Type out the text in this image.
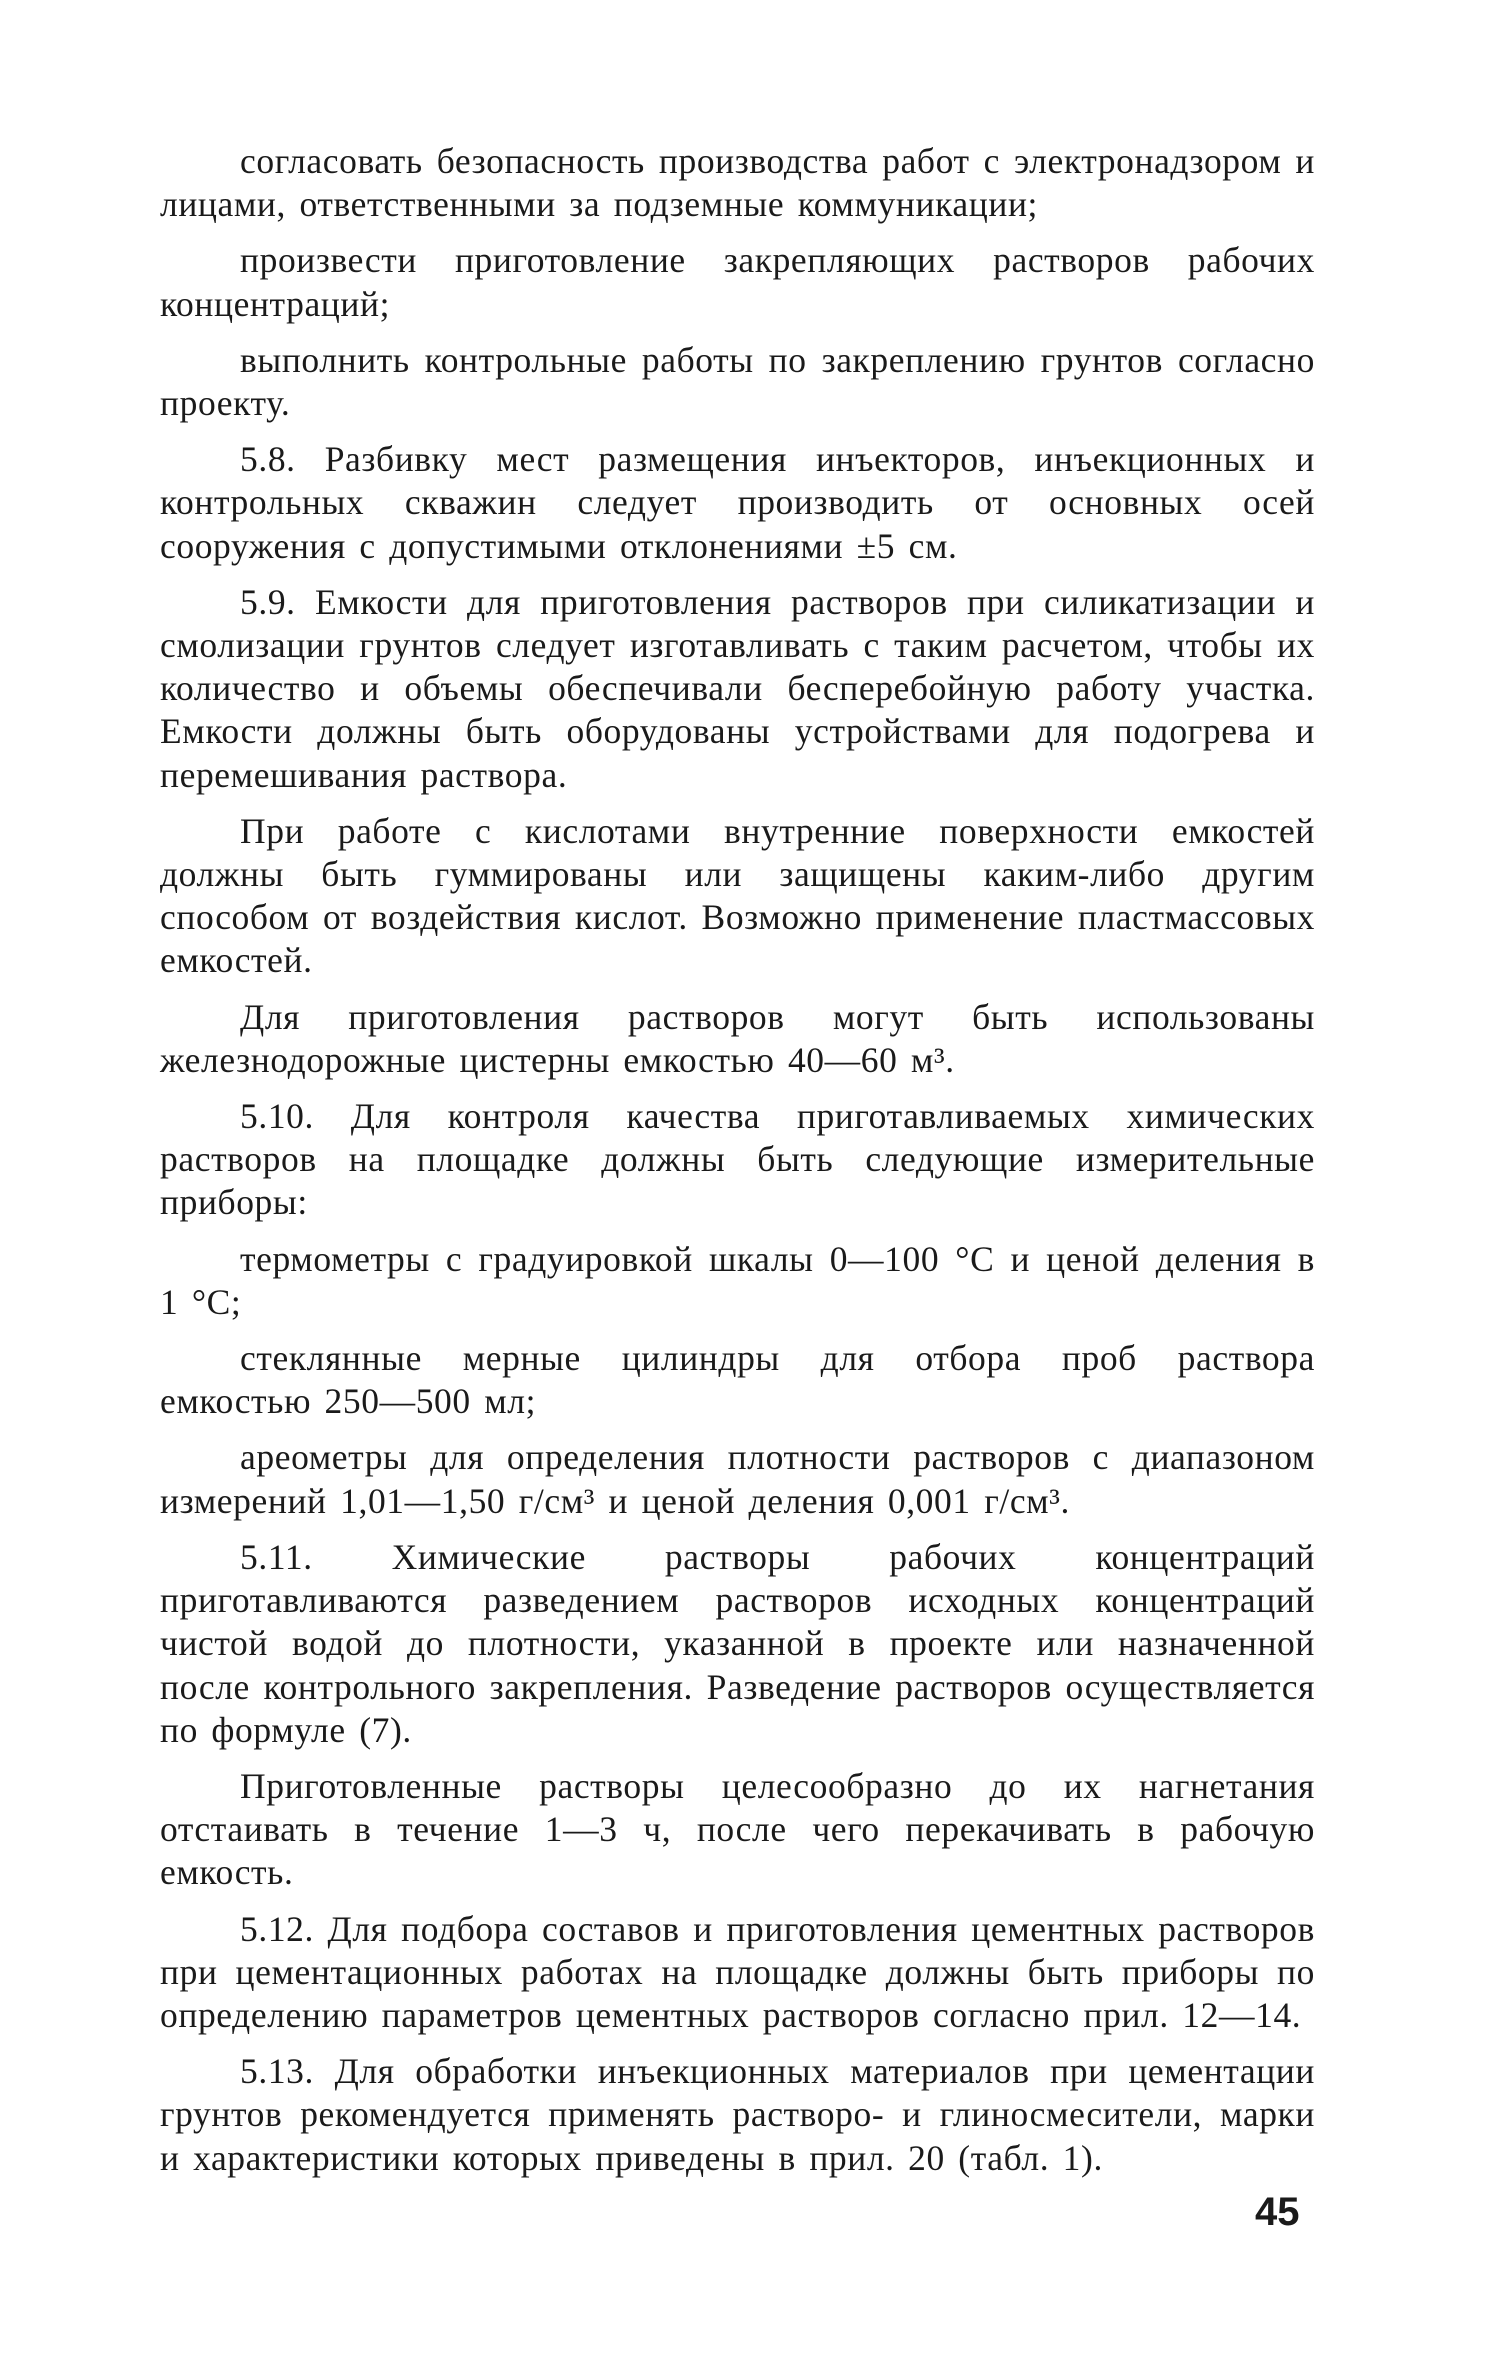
согласовать безопасность производства работ с электронадзором и лицами, ответственными за подземные коммуникации;

произвести приготовление закрепляющих растворов рабочих концентраций;

выполнить контрольные работы по закреплению грунтов согласно проекту.

5.8. Разбивку мест размещения инъекторов, инъекционных и контрольных скважин следует производить от основных осей сооружения с допустимыми отклонениями ±5 см.

5.9. Емкости для приготовления растворов при силикатизации и смолизации грунтов следует изготавливать с таким расчетом, чтобы их количество и объемы обеспечивали бесперебойную работу участка. Емкости должны быть оборудованы устройствами для подогрева и перемешивания раствора.

При работе с кислотами внутренние поверхности емкостей должны быть гуммированы или защищены каким-либо другим способом от воздействия кислот. Возможно применение пластмассовых емкостей.

Для приготовления растворов могут быть использованы железнодорожные цистерны емкостью 40—60 м³.

5.10. Для контроля качества приготавливаемых химических растворов на площадке должны быть следующие измерительные приборы:

термометры с градуировкой шкалы 0—100 °С и ценой деления в 1 °С;

стеклянные мерные цилиндры для отбора проб раствора емкостью 250—500 мл;

ареометры для определения плотности растворов с диапазоном измерений 1,01—1,50 г/см³ и ценой деления 0,001 г/см³.

5.11. Химические растворы рабочих концентраций приготавливаются разведением растворов исходных концентраций чистой водой до плотности, указанной в проекте или назначенной после контрольного закрепления. Разведение растворов осуществляется по формуле (7).

Приготовленные растворы целесообразно до их нагнетания отстаивать в течение 1—3 ч, после чего перекачивать в рабочую емкость.

5.12. Для подбора составов и приготовления цементных растворов при цементационных работах на площадке должны быть приборы по определению параметров цементных растворов согласно прил. 12—14.

5.13. Для обработки инъекционных материалов при цементации грунтов рекомендуется применять растворо- и глиносмесители, марки и характеристики которых приведены в прил. 20 (табл. 1).

45
